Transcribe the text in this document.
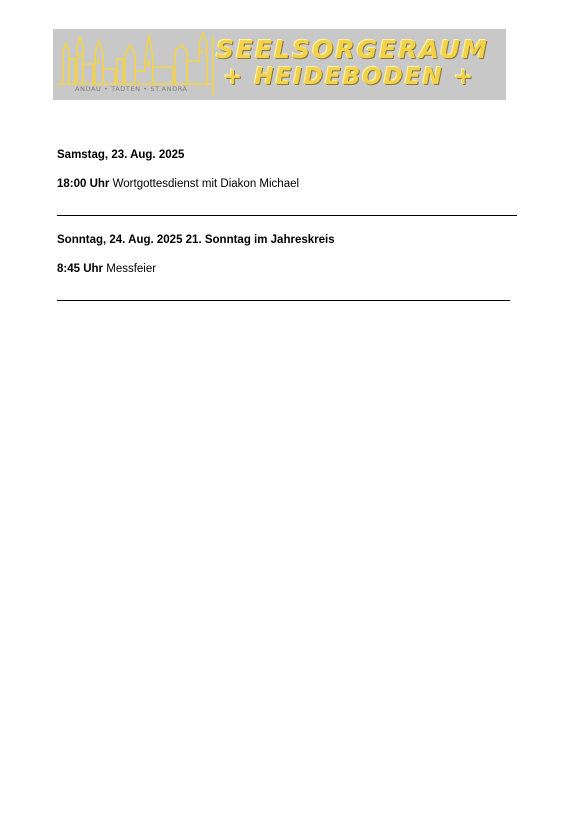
SEELSORGERAUM
+ HEIDEBODEN +
ANDAU • TADTEN • ST.ANDRÄ
Samstag, 23. Aug. 2025
18:00 Uhr Wortgottesdienst mit Diakon Michael
Sonntag, 24. Aug. 2025 21. Sonntag im Jahreskreis
8:45 Uhr Messfeier
